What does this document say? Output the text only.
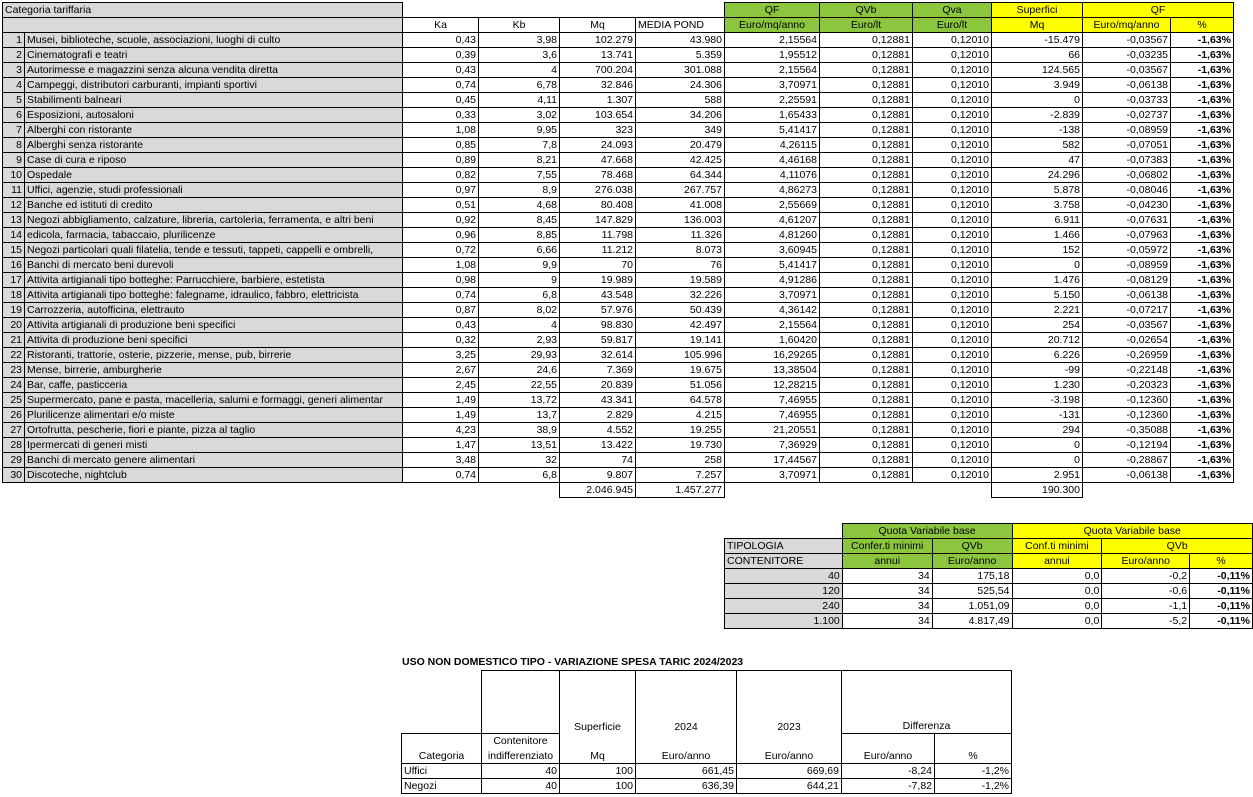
Categoria tariffaria						QF	QVb	Qva	Superfici	QF	
		Ka	Kb	Mq	MEDIA POND	Euro/mq/anno	Euro/lt	Euro/lt	Mq	Euro/mq/anno	%
1	Musei, biblioteche, scuole, associazioni, luoghi di culto	0,43	3,98	102.279	43.980	2,15564	0,12881	0,12010	-15.479	-0,03567	-1,63%
2	Cinematografi e teatri	0,39	3,6	13.741	5.359	1,95512	0,12881	0,12010	66	-0,03235	-1,63%
3	Autorimesse e magazzini senza alcuna vendita diretta	0,43	4	700.204	301.088	2,15564	0,12881	0,12010	124.565	-0,03567	-1,63%
4	Campeggi, distributori carburanti, impianti sportivi	0,74	6,78	32.846	24.306	3,70971	0,12881	0,12010	3.949	-0,06138	-1,63%
5	Stabilimenti balneari	0,45	4,11	1.307	588	2,25591	0,12881	0,12010	0	-0,03733	-1,63%
6	Esposizioni, autosaloni	0,33	3,02	103.654	34.206	1,65433	0,12881	0,12010	-2.839	-0,02737	-1,63%
7	Alberghi con ristorante	1,08	9,95	323	349	5,41417	0,12881	0,12010	-138	-0,08959	-1,63%
8	Alberghi senza ristorante	0,85	7,8	24.093	20.479	4,26115	0,12881	0,12010	582	-0,07051	-1,63%
9	Case di cura e riposo	0,89	8,21	47.668	42.425	4,46168	0,12881	0,12010	47	-0,07383	-1,63%
10	Ospedale	0,82	7,55	78.468	64.344	4,11076	0,12881	0,12010	24.296	-0,06802	-1,63%
11	Uffici, agenzie, studi professionali	0,97	8,9	276.038	267.757	4,86273	0,12881	0,12010	5.878	-0,08046	-1,63%
12	Banche ed istituti di credito	0,51	4,68	80.408	41.008	2,55669	0,12881	0,12010	3.758	-0,04230	-1,63%
13	Negozi abbigliamento, calzature, libreria, cartoleria, ferramenta, e altri beni	0,92	8,45	147.829	136.003	4,61207	0,12881	0,12010	6.911	-0,07631	-1,63%
14	edicola, farmacia, tabaccaio, plurilicenze	0,96	8,85	11.798	11.326	4,81260	0,12881	0,12010	1.466	-0,07963	-1,63%
15	Negozi particolari quali filatelia, tende e tessuti, tappeti, cappelli e ombrelli,	0,72	6,66	11.212	8.073	3,60945	0,12881	0,12010	152	-0,05972	-1,63%
16	Banchi di mercato beni durevoli	1,08	9,9	70	76	5,41417	0,12881	0,12010	0	-0,08959	-1,63%
17	Attivita artigianali tipo botteghe: Parrucchiere, barbiere, estetista	0,98	9	19.989	19.589	4,91286	0,12881	0,12010	1.476	-0,08129	-1,63%
18	Attivita artigianali tipo botteghe: falegname, idraulico, fabbro, elettricista	0,74	6,8	43.548	32.226	3,70971	0,12881	0,12010	5.150	-0,06138	-1,63%
19	Carrozzeria, autofficina, elettrauto	0,87	8,02	57.976	50.439	4,36142	0,12881	0,12010	2.221	-0,07217	-1,63%
20	Attivita artigianali di produzione beni specifici	0,43	4	98.830	42.497	2,15564	0,12881	0,12010	254	-0,03567	-1,63%
21	Attivita di produzione beni specifici	0,32	2,93	59.817	19.141	1,60420	0,12881	0,12010	20.712	-0,02654	-1,63%
22	Ristoranti, trattorie, osterie, pizzerie, mense, pub, birrerie	3,25	29,93	32.614	105.996	16,29265	0,12881	0,12010	6.226	-0,26959	-1,63%
23	Mense, birrerie, amburgherie	2,67	24,6	7.369	19.675	13,38504	0,12881	0,12010	-99	-0,22148	-1,63%
24	Bar, caffe, pasticceria	2,45	22,55	20.839	51.056	12,28215	0,12881	0,12010	1.230	-0,20323	-1,63%
25	Supermercato, pane e pasta, macelleria, salumi e formaggi, generi alimentar	1,49	13,72	43.341	64.578	7,46955	0,12881	0,12010	-3.198	-0,12360	-1,63%
26	Plurilicenze alimentari e/o miste	1,49	13,7	2.829	4.215	7,46955	0,12881	0,12010	-131	-0,12360	-1,63%
27	Ortofrutta, pescherie, fiori e piante, pizza al taglio	4,23	38,9	4.552	19.255	21,20551	0,12881	0,12010	294	-0,35088	-1,63%
28	Ipermercati di generi misti	1,47	13,51	13.422	19.730	7,36929	0,12881	0,12010	0	-0,12194	-1,63%
29	Banchi di mercato genere alimentari	3,48	32	74	258	17,44567	0,12881	0,12010	0	-0,28867	-1,63%
30	Discoteche, nightclub	0,74	6,8	9.807	7.257	3,70971	0,12881	0,12010	2.951	-0,06138	-1,63%
				2.046.945	1.457.277				190.300		
	Quota Variabile base		Quota Variabile base		
TIPOLOGIA	Confer.ti minimi	QVb	Conf.ti minimi	QVb	
CONTENITORE	annui	Euro/anno	annui	Euro/anno	%
40	34	175,18	0,0	-0,2	-0,11%
120	34	525,54	0,0	-0,6	-0,11%
240	34	1.051,09	0,0	-1,1	-0,11%
1.100	34	4.817,49	0,0	-5,2	-0,11%
USO NON DOMESTICO TIPO - VARIAZIONE SPESA TARIC 2024/2023

		Superficie	2024	2023	Differenza	
	Contenitore					
Categoria	indifferenziato	Mq	Euro/anno	Euro/anno	Euro/anno	%
Uffici	40	100	661,45	669,69	-8,24	-1,2%
Negozi	40	100	636,39	644,21	-7,82	-1,2%
